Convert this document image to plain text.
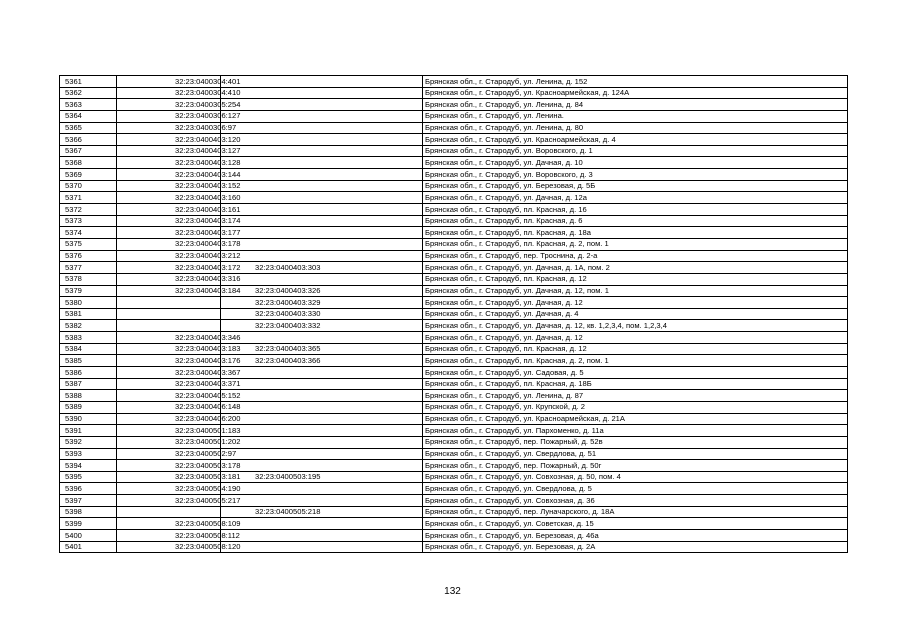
5361	32:23:0400304:401		Брянская обл., г. Стародуб, ул. Ленина, д. 152
5362	32:23:0400304:410		Брянская обл., г. Стародуб, ул. Красноармейская, д. 124А
5363	32:23:0400305:254		Брянская обл., г. Стародуб, ул. Ленина, д. 84
5364	32:23:0400306:127		Брянская обл., г. Стародуб, ул. Ленина.
5365	32:23:0400306:97		Брянская обл., г. Стародуб, ул. Ленина, д. 80
5366	32:23:0400403:120		Брянская обл., г. Стародуб, ул. Красноармейская, д. 4
5367	32:23:0400403:127		Брянская обл., г. Стародуб, ул. Воровского, д. 1
5368	32:23:0400403:128		Брянская обл., г. Стародуб, ул. Дачная, д. 10
5369	32:23:0400403:144		Брянская обл., г. Стародуб, ул. Воровского, д. 3
5370	32:23:0400403:152		Брянская обл., г. Стародуб, ул. Березовая, д. 5Б
5371	32:23:0400403:160		Брянская обл., г. Стародуб, ул. Дачная, д. 12а
5372	32:23:0400403:161		Брянская обл., г. Стародуб, пл. Красная, д. 16
5373	32:23:0400403:174		Брянская обл., г. Стародуб, пл. Красная, д. 6
5374	32:23:0400403:177		Брянская обл., г. Стародуб, пл. Красная, д. 18а
5375	32:23:0400403:178		Брянская обл., г. Стародуб, пл. Красная, д. 2, пом. 1
5376	32:23:0400403:212		Брянская обл., г. Стародуб, пер. Троснина, д. 2-а
5377	32:23:0400403:172	32:23:0400403:303	Брянская обл., г. Стародуб, ул. Дачная, д. 1А, пом. 2
5378	32:23:0400403:316		Брянская обл., г. Стародуб, пл. Красная, д. 12
5379	32:23:0400403:184	32:23:0400403:326	Брянская обл., г. Стародуб, ул. Дачная, д. 12, пом. 1
5380		32:23:0400403:329	Брянская обл., г. Стародуб, ул. Дачная, д. 12
5381		32:23:0400403:330	Брянская обл., г. Стародуб, ул. Дачная, д. 4
5382		32:23:0400403:332	Брянская обл., г. Стародуб, ул. Дачная, д. 12, кв. 1,2,3,4, пом. 1,2,3,4
5383	32:23:0400403:346		Брянская обл., г. Стародуб, ул. Дачная, д. 12
5384	32:23:0400403:183	32:23:0400403:365	Брянская обл., г. Стародуб, пл. Красная, д. 12
5385	32:23:0400403:176	32:23:0400403:366	Брянская обл., г. Стародуб, пл. Красная, д. 2, пом. 1
5386	32:23:0400403:367		Брянская обл., г. Стародуб, ул. Садовая, д. 5
5387	32:23:0400403:371		Брянская обл., г. Стародуб, пл. Красная, д. 18Б
5388	32:23:0400405:152		Брянская обл., г. Стародуб, ул. Ленина, д. 87
5389	32:23:0400406:148		Брянская обл., г. Стародуб, ул. Крупской, д. 2
5390	32:23:0400406:200		Брянская обл., г. Стародуб, ул. Красноармейская, д. 21А
5391	32:23:0400501:183		Брянская обл., г. Стародуб, ул. Пархоменко, д. 11а
5392	32:23:0400501:202		Брянская обл., г. Стародуб, пер. Пожарный, д. 52в
5393	32:23:0400502:97		Брянская обл., г. Стародуб, ул. Свердлова, д. 51
5394	32:23:0400503:178		Брянская обл., г. Стародуб, пер. Пожарный, д. 50г
5395	32:23:0400503:181	32:23:0400503:195	Брянская обл., г. Стародуб, ул. Совхозная, д. 50, пом. 4
5396	32:23:0400504:190		Брянская обл., г. Стародуб, ул. Свердлова, д. 5
5397	32:23:0400505:217		Брянская обл., г. Стародуб, ул. Совхозная, д. 36
5398		32:23:0400505:218	Брянская обл., г. Стародуб, пер. Луначарского, д. 18А
5399	32:23:0400508:109		Брянская обл., г. Стародуб, ул. Советская, д. 15
5400	32:23:0400508:112		Брянская обл., г. Стародуб, ул. Березовая, д. 46а
5401	32:23:0400508:120		Брянская обл., г. Стародуб, ул. Березовая, д. 2А
132
